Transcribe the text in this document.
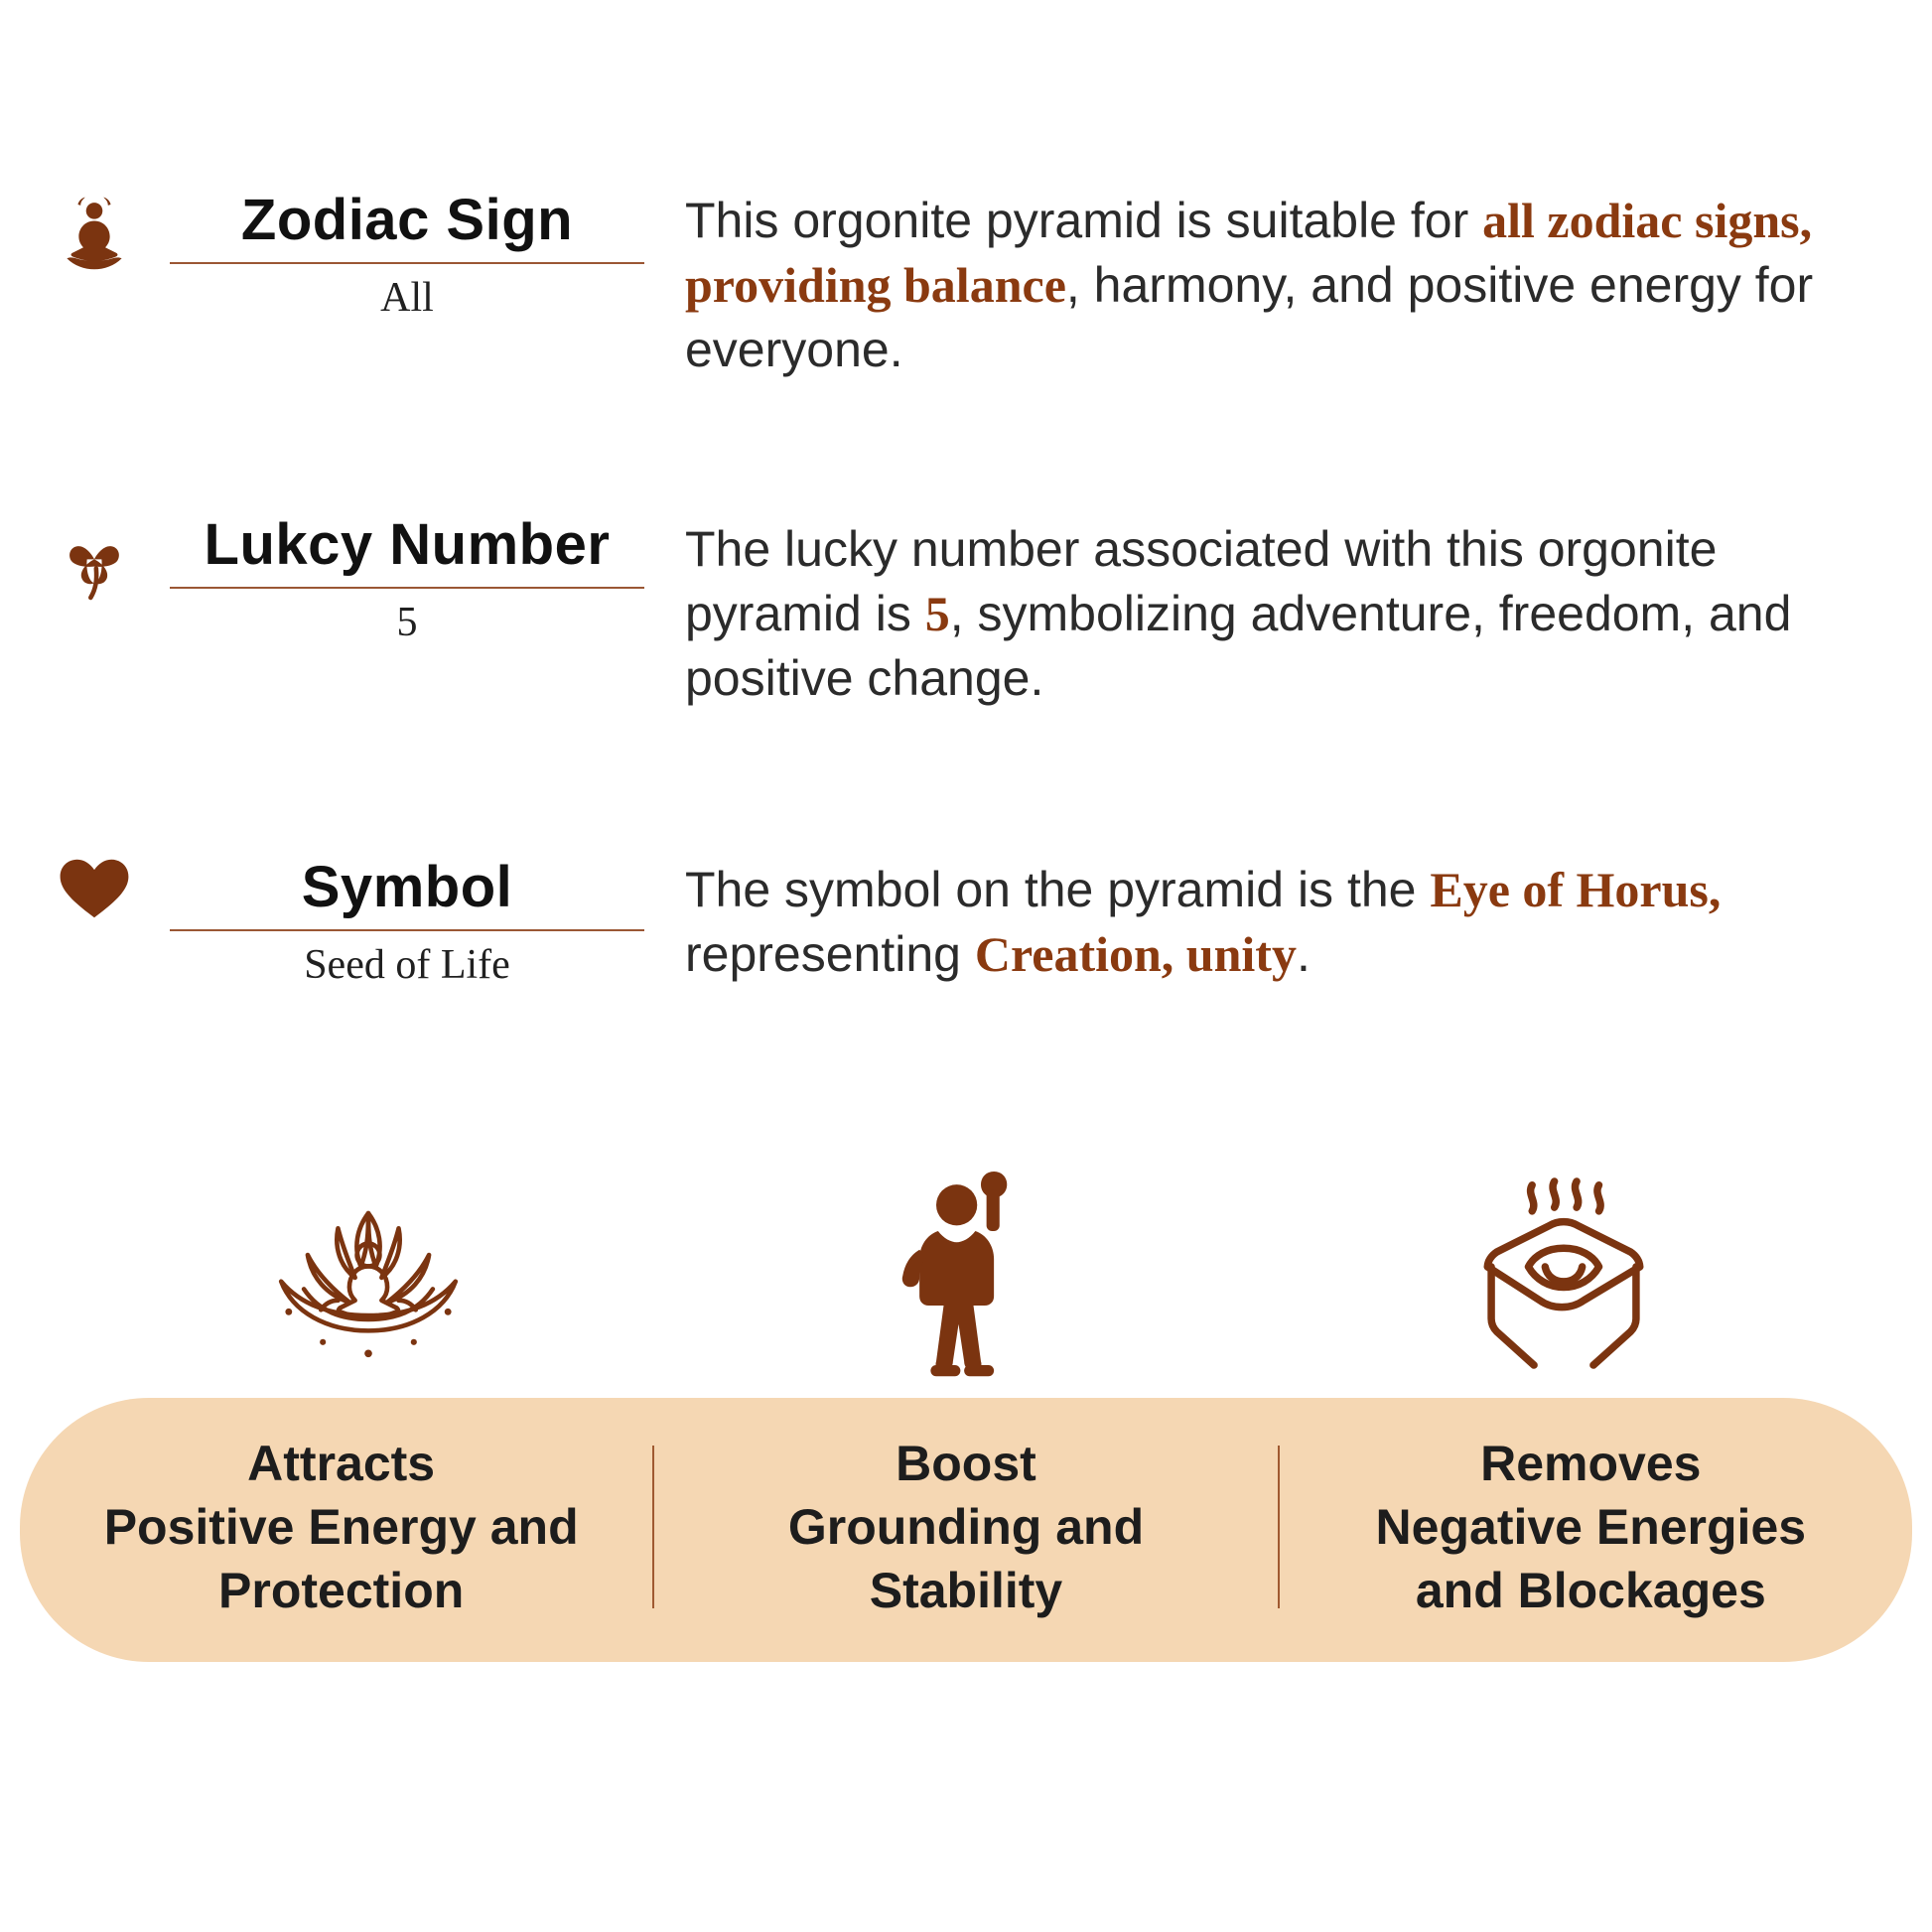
Zodiac Sign
All
This orgonite pyramid is suitable for all zodiac signs, providing balance, harmony, and positive energy for everyone.
Lukcy Number
5
The lucky number associated with this orgonite pyramid is 5, symbolizing adventure, freedom, and positive change.
Symbol
Seed of Life
The symbol on the pyramid is the Eye of Horus, representing Creation, unity.
Attracts
Positive Energy and
Protection
Boost
Grounding and
Stability
Removes
Negative Energies
and Blockages
